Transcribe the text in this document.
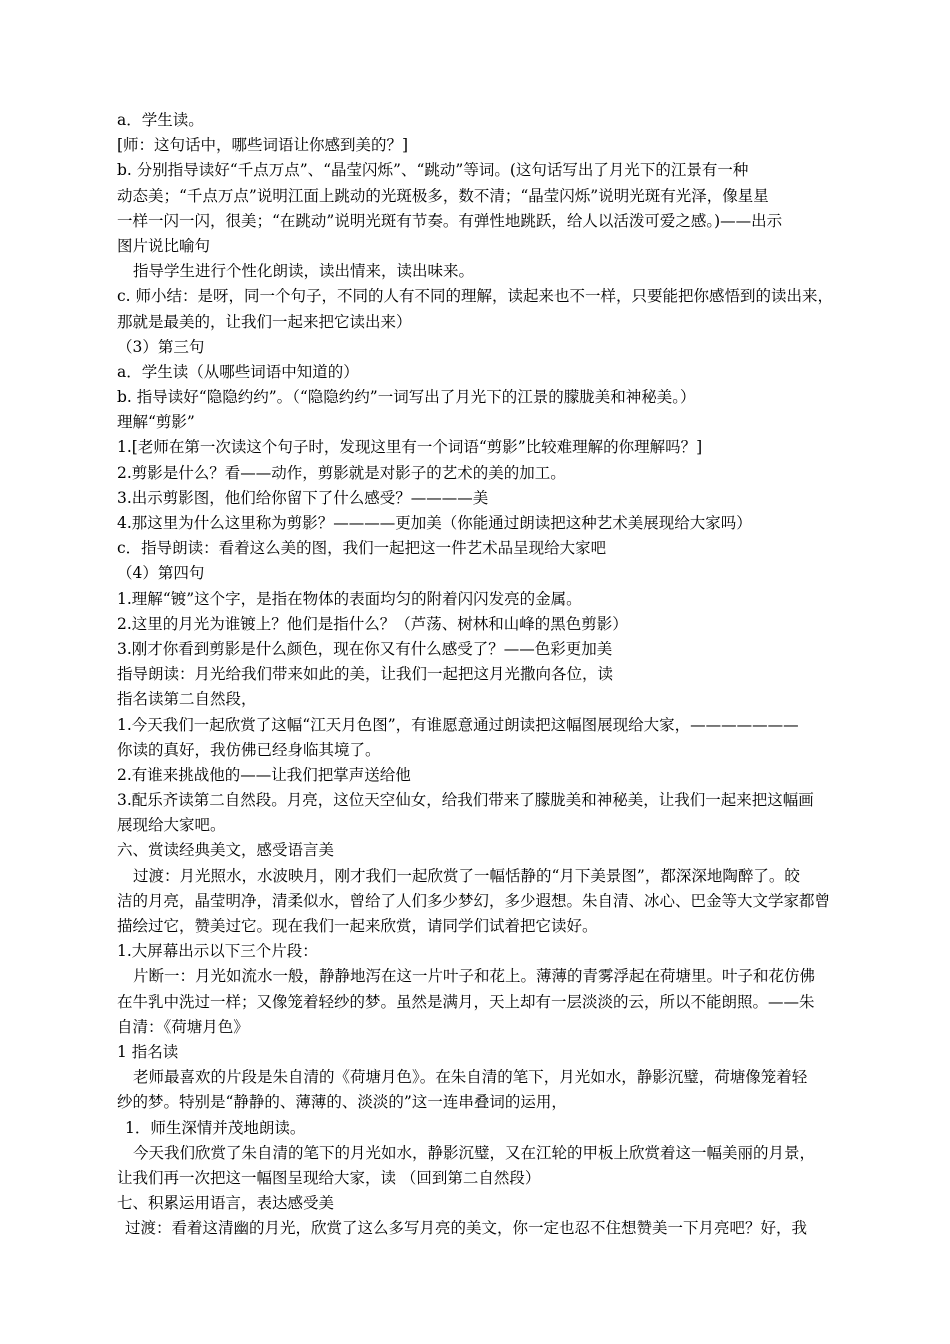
a．学生读。
[师：这句话中，哪些词语让你感到美的？]
b. 分别指导读好“千点万点”、“晶莹闪烁”、“跳动”等词。(这句话写出了月光下的江景有一种
动态美；“千点万点”说明江面上跳动的光斑极多，数不清；“晶莹闪烁”说明光斑有光泽，像星星
一样一闪一闪，很美；“在跳动”说明光斑有节奏。有弹性地跳跃，给人以活泼可爱之感。)——出示
图片说比喻句
指导学生进行个性化朗读，读出情来，读出味来。
c. 师小结：是呀，同一个句子，不同的人有不同的理解，读起来也不一样，只要能把你感悟到的读出来，
那就是最美的，让我们一起来把它读出来）
（3）第三句
a．学生读（从哪些词语中知道的）
b. 指导读好“隐隐约约”。（“隐隐约约”一词写出了月光下的江景的朦胧美和神秘美。）
理解“剪影”
1.[老师在第一次读这个句子时，发现这里有一个词语“剪影”比较难理解的你理解吗？]
2.剪影是什么？看——动作，剪影就是对影子的艺术的美的加工。
3.出示剪影图，他们给你留下了什么感受？————美
4.那这里为什么这里称为剪影？————更加美（你能通过朗读把这种艺术美展现给大家吗）
c．指导朗读：看着这么美的图，我们一起把这一件艺术品呈现给大家吧
（4）第四句
1.理解“镀”这个字，是指在物体的表面均匀的附着闪闪发亮的金属。
2.这里的月光为谁镀上？他们是指什么？（芦荡、树林和山峰的黑色剪影）
3.刚才你看到剪影是什么颜色，现在你又有什么感受了？——色彩更加美
指导朗读：月光给我们带来如此的美，让我们一起把这月光撒向各位，读
指名读第二自然段，
1.今天我们一起欣赏了这幅“江天月色图”，有谁愿意通过朗读把这幅图展现给大家，———————
你读的真好，我仿佛已经身临其境了。
2.有谁来挑战他的——让我们把掌声送给他
3.配乐齐读第二自然段。月亮，这位天空仙女，给我们带来了朦胧美和神秘美，让我们一起来把这幅画
展现给大家吧。
六、赏读经典美文，感受语言美
过渡：月光照水，水波映月，刚才我们一起欣赏了一幅恬静的“月下美景图”，都深深地陶醉了。皎
洁的月亮，晶莹明净，清柔似水，曾给了人们多少梦幻，多少遐想。朱自清、冰心、巴金等大文学家都曾
描绘过它，赞美过它。现在我们一起来欣赏，请同学们试着把它读好。
1.大屏幕出示以下三个片段：
片断一：月光如流水一般，静静地泻在这一片叶子和花上。薄薄的青雾浮起在荷塘里。叶子和花仿佛
在牛乳中洗过一样；又像笼着轻纱的梦。虽然是满月，天上却有一层淡淡的云，所以不能朗照。——朱
自清：《荷塘月色》
1 指名读
老师最喜欢的片段是朱自清的《荷塘月色》。在朱自清的笔下，月光如水，静影沉璧，荷塘像笼着轻
纱的梦。特别是“静静的、薄薄的、淡淡的”这一连串叠词的运用，
1．师生深情并茂地朗读。
今天我们欣赏了朱自清的笔下的月光如水，静影沉璧，又在江轮的甲板上欣赏着这一幅美丽的月景，
让我们再一次把这一幅图呈现给大家，读 （回到第二自然段）
七、积累运用语言，表达感受美
过渡：看着这清幽的月光，欣赏了这么多写月亮的美文，你一定也忍不住想赞美一下月亮吧？好，我
